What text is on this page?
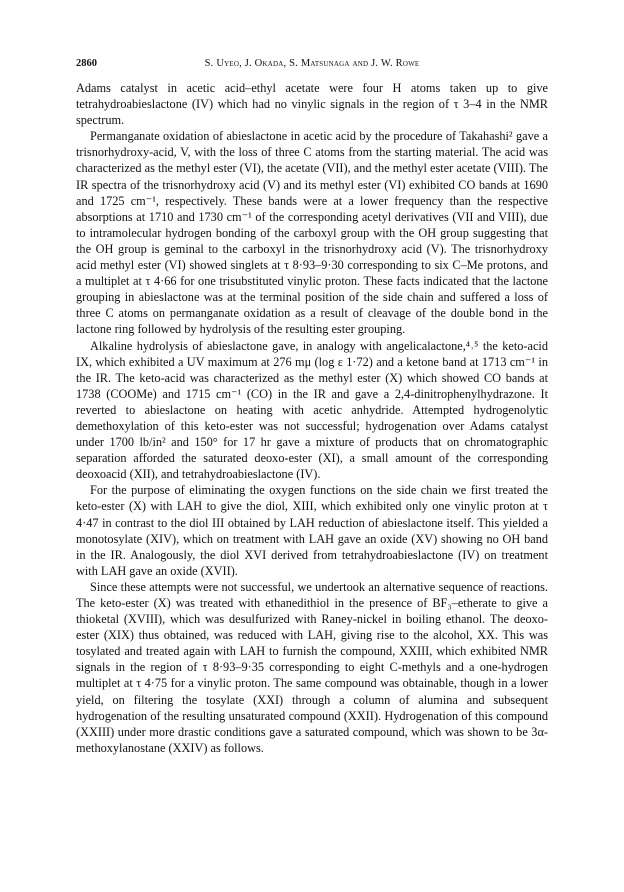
2860	S. Uyeo, J. Okada, S. Matsunaga and J. W. Rowe

Adams catalyst in acetic acid–ethyl acetate were four H atoms taken up to give tetrahydroabieslactone (IV) which had no vinylic signals in the region of τ 3–4 in the NMR spectrum.

Permanganate oxidation of abieslactone in acetic acid by the procedure of Takahashi² gave a trisnorhydroxy-acid, V, with the loss of three C atoms from the starting material. The acid was characterized as the methyl ester (VI), the acetate (VII), and the methyl ester acetate (VIII). The IR spectra of the trisnorhydroxy acid (V) and its methyl ester (VI) exhibited CO bands at 1690 and 1725 cm⁻¹, respectively. These bands were at a lower frequency than the respective absorptions at 1710 and 1730 cm⁻¹ of the corresponding acetyl derivatives (VII and VIII), due to intramolecular hydrogen bonding of the carboxyl group with the OH group suggesting that the OH group is geminal to the carboxyl in the trisnorhydroxy acid (V). The trisnorhydroxy acid methyl ester (VI) showed singlets at τ 8·93–9·30 corresponding to six C–Me protons, and a multiplet at τ 4·66 for one trisubstituted vinylic proton. These facts indicated that the lactone grouping in abieslactone was at the terminal position of the side chain and suffered a loss of three C atoms on permanganate oxidation as a result of cleavage of the double bond in the lactone ring followed by hydrolysis of the resulting ester grouping.

Alkaline hydrolysis of abieslactone gave, in analogy with angelicalactone,⁴˒⁵ the keto-acid IX, which exhibited a UV maximum at 276 mμ (log ε 1·72) and a ketone band at 1713 cm⁻¹ in the IR. The keto-acid was characterized as the methyl ester (X) which showed CO bands at 1738 (COOMe) and 1715 cm⁻¹ (CO) in the IR and gave a 2,4-dinitrophenylhydrazone. It reverted to abieslactone on heating with acetic anhydride. Attempted hydrogenolytic demethoxylation of this keto-ester was not successful; hydrogenation over Adams catalyst under 1700 lb/in² and 150° for 17 hr gave a mixture of products that on chromatographic separation afforded the saturated deoxo-ester (XI), a small amount of the corresponding deoxoacid (XII), and tetrahydroabieslactone (IV).

For the purpose of eliminating the oxygen functions on the side chain we first treated the keto-ester (X) with LAH to give the diol, XIII, which exhibited only one vinylic proton at τ 4·47 in contrast to the diol III obtained by LAH reduction of abieslactone itself. This yielded a monotosylate (XIV), which on treatment with LAH gave an oxide (XV) showing no OH band in the IR. Analogously, the diol XVI derived from tetrahydroabieslactone (IV) on treatment with LAH gave an oxide (XVII).

Since these attempts were not successful, we undertook an alternative sequence of reactions. The keto-ester (X) was treated with ethanedithiol in the presence of BF₃–etherate to give a thioketal (XVIII), which was desulfurized with Raney-nickel in boiling ethanol. The deoxo-ester (XIX) thus obtained, was reduced with LAH, giving rise to the alcohol, XX. This was tosylated and treated again with LAH to furnish the compound, XXIII, which exhibited NMR signals in the region of τ 8·93–9·35 corresponding to eight C-methyls and a one-hydrogen multiplet at τ 4·75 for a vinylic proton. The same compound was obtainable, though in a lower yield, on filtering the tosylate (XXI) through a column of alumina and subsequent hydrogenation of the resulting unsaturated compound (XXII). Hydrogenation of this compound (XXIII) under more drastic conditions gave a saturated compound, which was shown to be 3α-methoxylanostane (XXIV) as follows.
